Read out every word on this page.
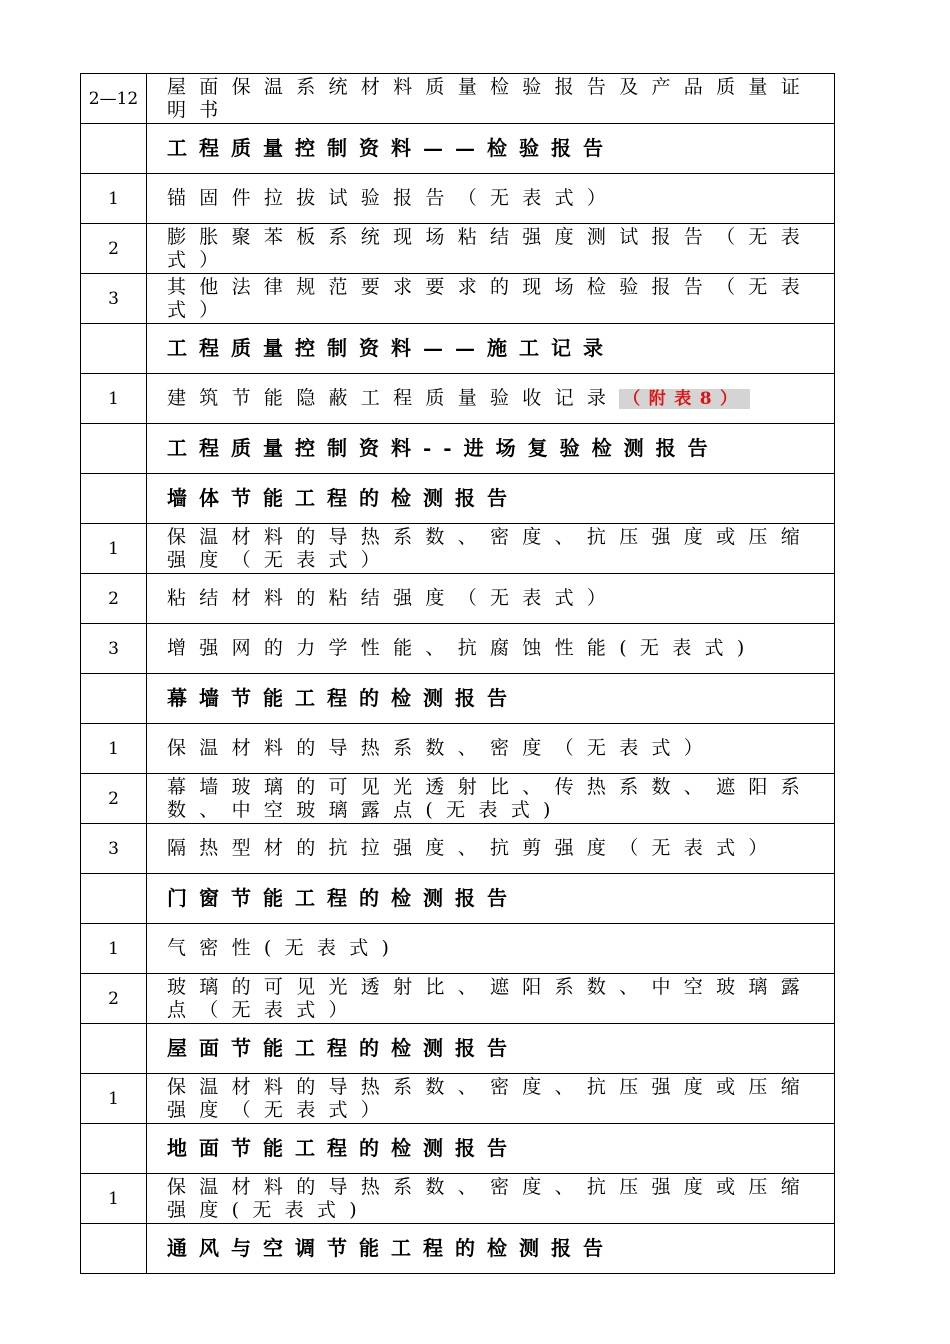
2—12	屋面保温系统材料质量检验报告及产品质量证明书
	工程质量控制资料——检验报告
1	锚固件拉拔试验报告（无表式）
2	膨胀聚苯板系统现场粘结强度测试报告（无表式）
3	其他法律规范要求要求的现场检验报告（无表式）
	工程质量控制资料——施工记录
1	建筑节能隐蔽工程质量验收记录 （附表8）
	工程质量控制资料--进场复验检测报告
	墙体节能工程的检测报告
1	保温材料的导热系数、密度、抗压强度或压缩强度（无表式）
2	粘结材料的粘结强度（无表式）
3	增强网的力学性能、抗腐蚀性能(无表式)
	幕墙节能工程的检测报告
1	保温材料的导热系数、密度（无表式）
2	幕墙玻璃的可见光透射比、传热系数、遮阳系数、中空玻璃露点(无表式)
3	隔热型材的抗拉强度、抗剪强度（无表式）
	门窗节能工程的检测报告
1	气密性(无表式)
2	玻璃的可见光透射比、遮阳系数、中空玻璃露点（无表式）
	屋面节能工程的检测报告
1	保温材料的导热系数、密度、抗压强度或压缩强度（无表式）
	地面节能工程的检测报告
1	保温材料的导热系数、密度、抗压强度或压缩强度(无表式)
	通风与空调节能工程的检测报告
